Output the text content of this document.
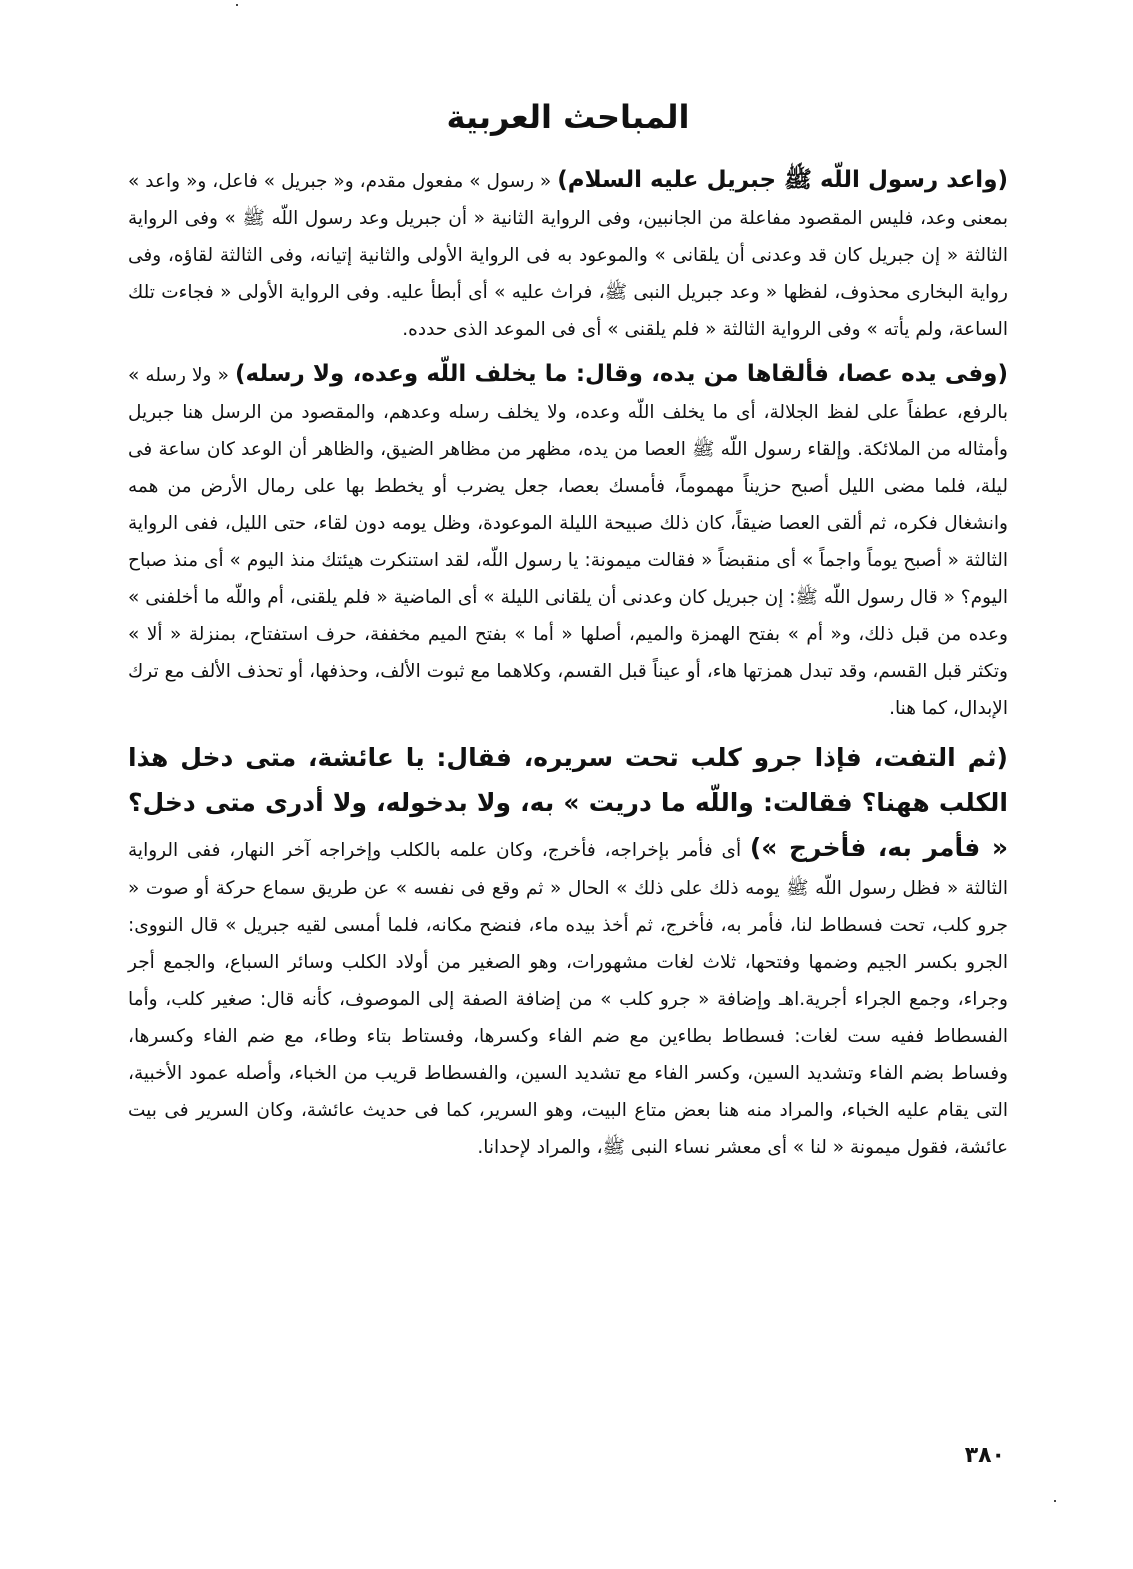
المباحث العربية

(واعد رسول اللّه ﷺ جبريل عليه السلام) « رسول » مفعول مقدم، و« جبريل » فاعل، و« واعد » بمعنى وعد، فليس المقصود مفاعلة من الجانبين، وفى الرواية الثانية « أن جبريل وعد رسول اللّه ﷺ » وفى الرواية الثالثة « إن جبريل كان قد وعدنى أن يلقانى » والموعود به فى الرواية الأولى والثانية إتيانه، وفى الثالثة لقاؤه، وفى رواية البخارى محذوف، لفظها « وعد جبريل النبى ﷺ، فراث عليه » أى أبطأ عليه. وفى الرواية الأولى « فجاءت تلك الساعة، ولم يأته » وفى الرواية الثالثة « فلم يلقنى » أى فى الموعد الذى حدده.

(وفى يده عصا، فألقاها من يده، وقال: ما يخلف اللّه وعده، ولا رسله) « ولا رسله » بالرفع، عطفاً على لفظ الجلالة، أى ما يخلف اللّه وعده، ولا يخلف رسله وعدهم، والمقصود من الرسل هنا جبريل وأمثاله من الملائكة. وإلقاء رسول اللّه ﷺ العصا من يده، مظهر من مظاهر الضيق، والظاهر أن الوعد كان ساعة فى ليلة، فلما مضى الليل أصبح حزيناً مهموماً، فأمسك بعصا، جعل يضرب أو يخطط بها على رمال الأرض من همه وانشغال فكره، ثم ألقى العصا ضيقاً، كان ذلك صبيحة الليلة الموعودة، وظل يومه دون لقاء، حتى الليل، ففى الرواية الثالثة « أصبح يوماً واجماً » أى منقبضاً « فقالت ميمونة: يا رسول اللّه، لقد استنكرت هيئتك منذ اليوم » أى منذ صباح اليوم؟ « قال رسول اللّه ﷺ: إن جبريل كان وعدنى أن يلقانى الليلة » أى الماضية « فلم يلقنى، أم واللّه ما أخلفنى » وعده من قبل ذلك، و« أم » بفتح الهمزة والميم، أصلها « أما » بفتح الميم مخففة، حرف استفتاح، بمنزلة « ألا » وتكثر قبل القسم، وقد تبدل همزتها هاء، أو عيناً قبل القسم، وكلاهما مع ثبوت الألف، وحذفها، أو تحذف الألف مع ترك الإبدال، كما هنا.

(ثم التفت، فإذا جرو كلب تحت سريره، فقال: يا عائشة، متى دخل هذا الكلب ههنا؟ فقالت: واللّه ما دريت » به، ولا بدخوله، ولا أدرى متى دخل؟ « فأمر به، فأخرج ») أى فأمر بإخراجه، فأخرج، وكان علمه بالكلب وإخراجه آخر النهار، ففى الرواية الثالثة « فظل رسول اللّه ﷺ يومه ذلك على ذلك » الحال « ثم وقع فى نفسه » عن طريق سماع حركة أو صوت « جرو كلب، تحت فسطاط لنا، فأمر به، فأخرج، ثم أخذ بيده ماء، فنضح مكانه، فلما أمسى لقيه جبريل » قال النووى: الجرو بكسر الجيم وضمها وفتحها، ثلاث لغات مشهورات، وهو الصغير من أولاد الكلب وسائر السباع، والجمع أجر وجراء، وجمع الجراء أجرية.اهـ وإضافة « جرو كلب » من إضافة الصفة إلى الموصوف، كأنه قال: صغير كلب، وأما الفسطاط ففيه ست لغات: فسطاط بطاءين مع ضم الفاء وكسرها، وفستاط بتاء وطاء، مع ضم الفاء وكسرها، وفساط بضم الفاء وتشديد السين، وكسر الفاء مع تشديد السين، والفسطاط قريب من الخباء، وأصله عمود الأخبية، التى يقام عليه الخباء، والمراد منه هنا بعض متاع البيت، وهو السرير، كما فى حديث عائشة، وكان السرير فى بيت عائشة، فقول ميمونة « لنا » أى معشر نساء النبى ﷺ، والمراد لإحدانا.

٣٨٠
